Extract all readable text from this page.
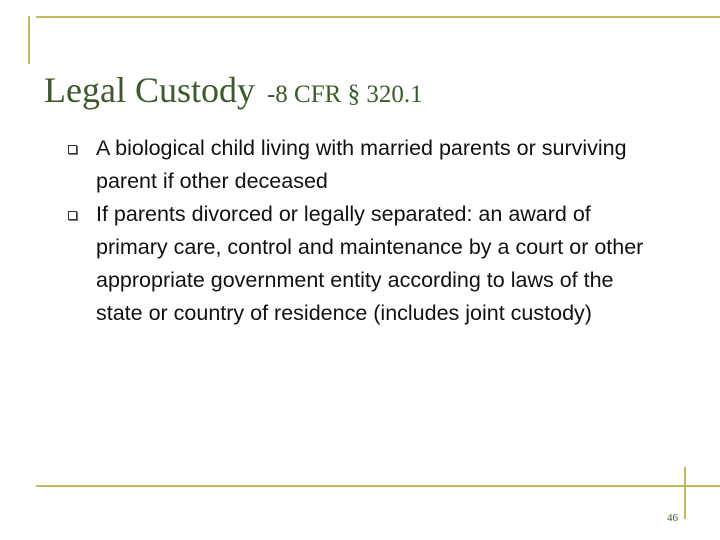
Legal Custody -8 CFR § 320.1
A biological child living with married parents or surviving parent if other deceased
If parents divorced or legally separated: an award of primary care, control and maintenance by a court or other appropriate government entity according to laws of the state or country of residence (includes joint custody)
46
